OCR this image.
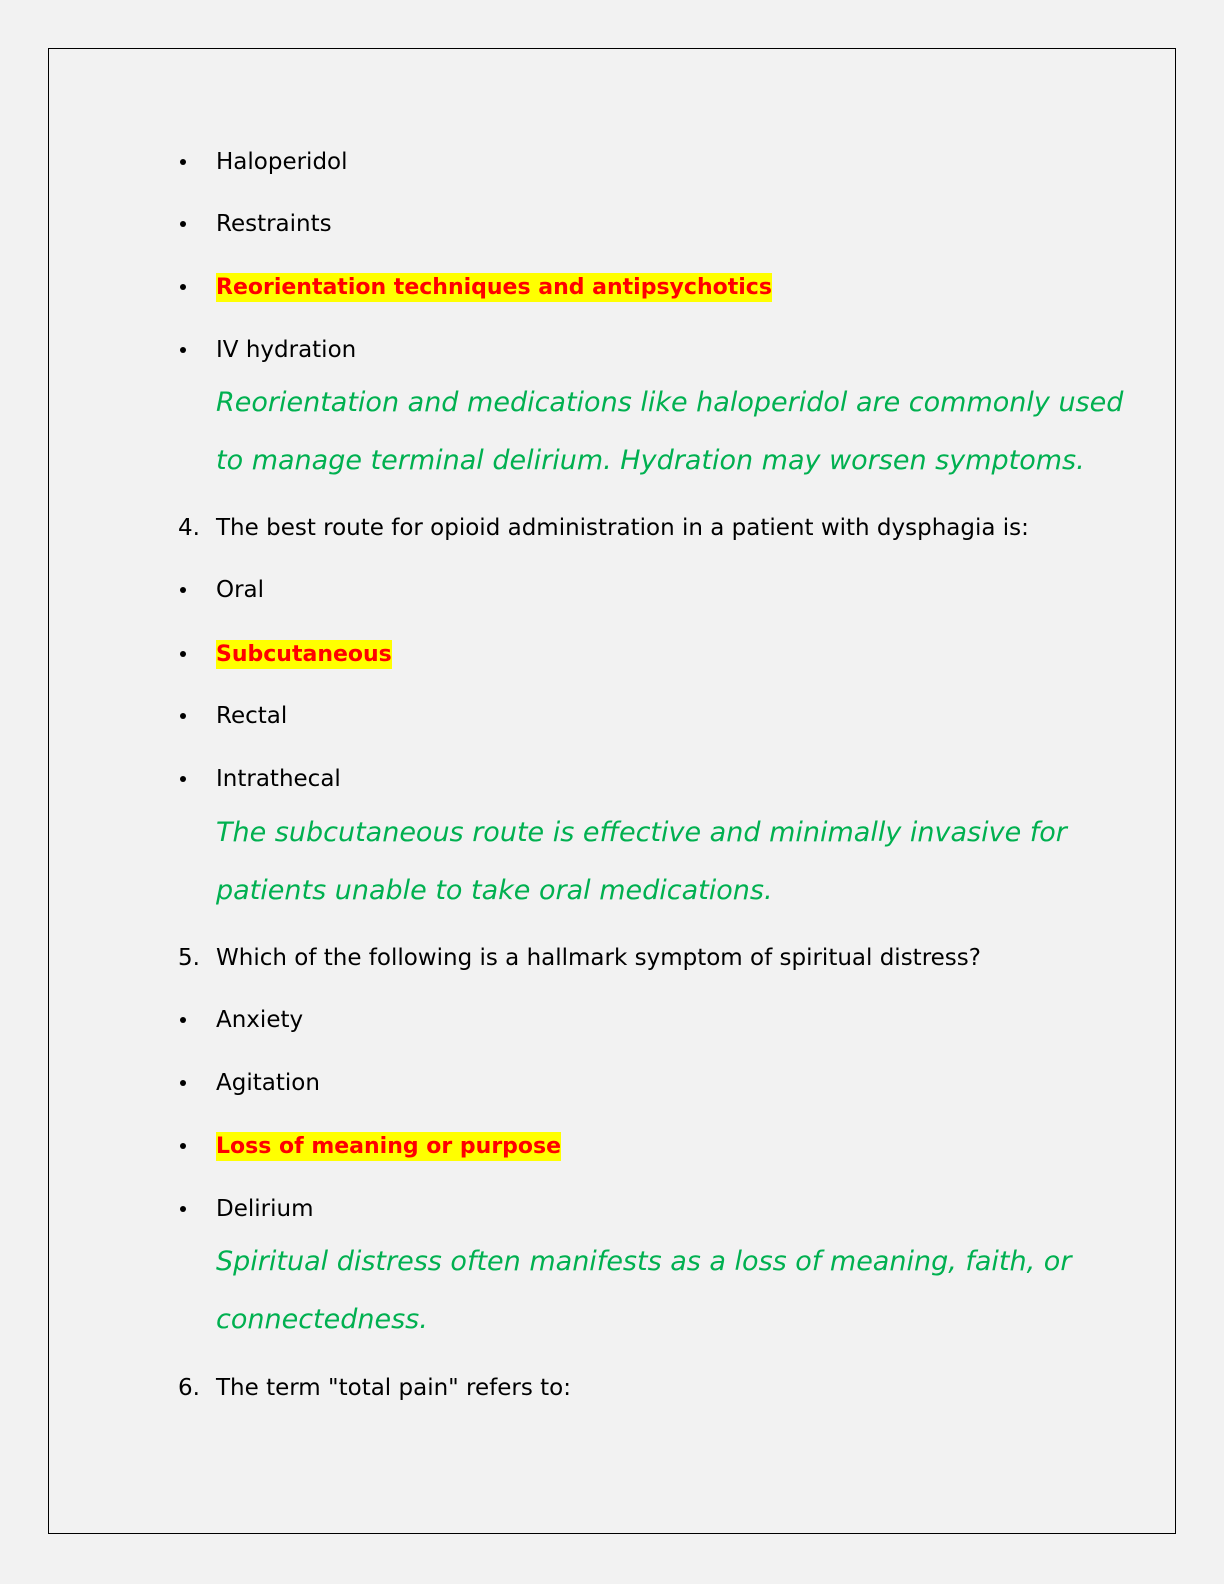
Haloperidol
Restraints
Reorientation techniques and antipsychotics
IV hydration
Reorientation and medications like haloperidol are commonly used
to manage terminal delirium. Hydration may worsen symptoms.
4. The best route for opioid administration in a patient with dysphagia is:
Oral
Subcutaneous
Rectal
Intrathecal
The subcutaneous route is effective and minimally invasive for
patients unable to take oral medications.
5. Which of the following is a hallmark symptom of spiritual distress?
Anxiety
Agitation
Loss of meaning or purpose
Delirium
Spiritual distress often manifests as a loss of meaning, faith, or
connectedness.
6. The term "total pain" refers to:
